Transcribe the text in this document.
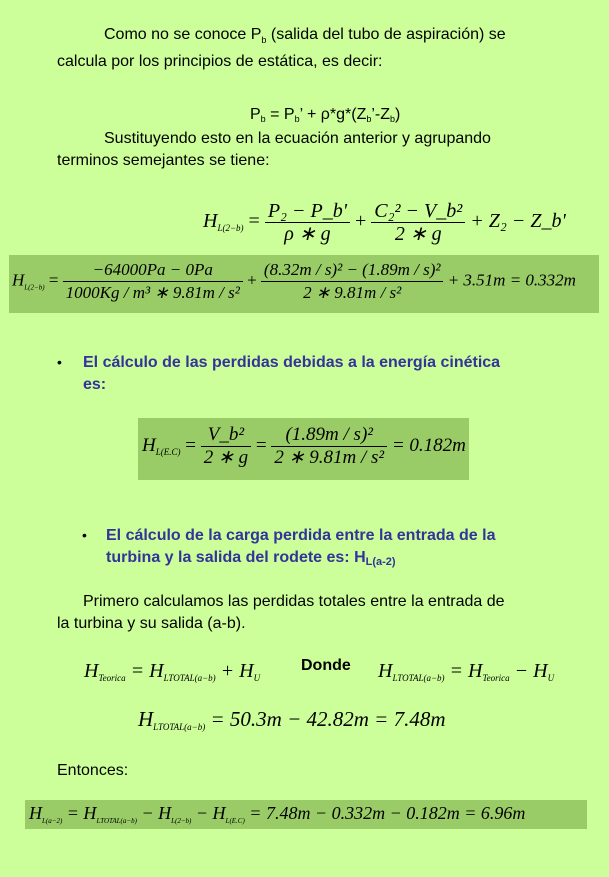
Como no se conoce $P_b$ (salida del tubo de aspiración) se
calcula por los principios de estática, es decir:
Pb = Pb’ + ρ*g*(Zb’-Zb)
Sustituyendo esto en la ecuación anterior y agrupando
terminos semejantes se tiene:
$H_{L(2-b)} = \frac{\text{P₂ − P\_b'}}{\rho ∗ g} + \frac{\text{C₂² − V\_b²}}{2 ∗ g} + Z_2$ − Z_b'
$H_{L(2-b)} = \frac{-64000Pa - 0Pa}{\text{1000Kg / m³ ∗ 9.81m / s²}} + \frac{\text{(8.32m / s)² − (1.89m / s)²}}{\text{2 ∗ 9.81m / s²}} + 3.51m = 0.332m$
• El cálculo de las perdidas debidas a la energía cinética
es:
$H_{L(E.C)} = \frac{\text{V\_b²}}{2 ∗ g} = \frac{\text{(1.89m / s)²}}{\text{2 ∗ 9.81m / s²}} = 0.182m$
• El cálculo de la carga perdida entre la entrada de la
turbina y la salida del rodete es: HL(a-2)
Primero calculamos las perdidas totales entre la entrada de
la turbina y su salida (a-b).
$H_{Teorica} = H_{LTOTAL(a-b)} + H_U$
Donde $H_{LTOTAL(a-b)} = H_{Teorica} - H_U$
$H_{LTOTAL(a-b)} = 50.3m - 42.82m = 7.48m$
Entonces:
$H_{L(a-2)} = H_{LTOTAL(a-b)} - H_{L(2-b)} - H_{L(E.C)} = 7.48m - 0.332m - 0.182m = 6.96m$
